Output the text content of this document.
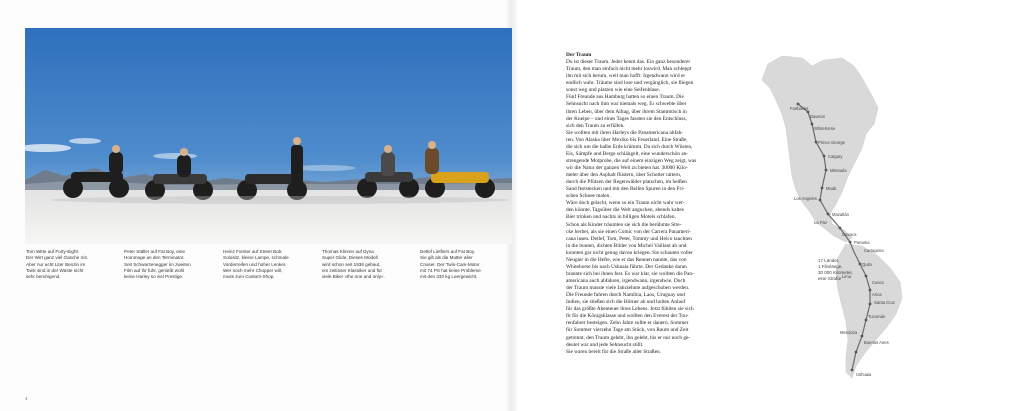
Tom Witte auf Forty-Eight:
Der Wirt ganz viel Gasche mit.
Aber nur acht Liter Benzin im
Tank sind in der Wüste nicht
sehr beruhigend.
Peter Ställer auf Fat Boy, eine
Hommage an den Terminator.
Seit Schwarzenegger im zweiten
Film auf ihr fuhr, genießt wohl
keine Harley so viel Prestige.
Heinz Forster auf Street Bob:
Solositz, kleine Lampe, schmale
Vorderreifen und hoher Lenker.
Wer noch mehr Chopper will,
muss zum Custom-Shop.
Thomas Klinner auf Dyna
Super Glide. Dieses Modell
wird schon seit 1936 gebaut,
ein zeitloser Klassiker und für
viele Biker »the one and only«.
Detlef Lietfiers auf Fat Boy.
Sie gilt als die Mutter aller
Cruiser. Der Twin-Cam-Motor
mit 74 PS hat keine Probleme
mit den 330 kg Leergewicht.
4
Der Traum
Du ist dieser Traum. Jeder kennt das. Ein ganz besonderer
Traum, den man einfach nicht mehr loswird. Man schleppt
ihn mit sich herum, weil man hofft: Irgendwann wird er
endlich wahr. Träume sind lose und vergänglich, sie fliegen
sonst weg und platzen wie eine Seifenblase.
Fünf Freunde aus Hamburg hatten so einen Traum. Die
Sehnsucht nach ihm war niemals weg. Er schwebte über
ihren Leben, über dem Alltag, über ihrem Stammtisch in
der Kneipe – und eines Tages fassten sie den Entschluss,
sich den Traum zu erfüllen.
Sie wollten mit ihren Harleys die Panamericana abfah-
ren. Von Alaska über Mexiko bis Feuerland. Eine Straße,
die sich um die halbe Erde krümmt. Da sich durch Wüsten,
Eis, Sümpfe und Berge schlängelt, eine wunderschön an-
strengende Motprobe, die auf einem einzigen Weg zeigt, was
wir die Natur der ganzen Welt zu bieten hat. 30000 Kilo-
meter über den Asphalt flüstern, über Schotter rattern,
durch die Pfützen der Regenwälder platschen, im heißen
Sand feststecken und mit den Reifen Spuren in den Fri-
schen Schnee malen.
Wäre doch gelacht, wenn so ein Traum nicht wahr wer-
den könnte. Tagsüber die Welt angucken, abends kaltes
Bier trinken und nachts in billigen Motels schlafen.
Schon als Kinder träumten sie sich die berühmte Stre-
cke herbei, als sie einen Comic von der Carrera Panamerí-
cana lasen. Detlef, Tom, Peter, Tommy und Heico tauchten
in die bunten, dichten Bilder von Michel Vaillant ab und
konnten gar nicht genug davon kriegen. Sie schauten voller
Neugier in die Hefte, wie er das Rennen nannte, das von
Whitehorse bis nach Ushuaia führte. Der Gedanke daran
brannte sich bei ihnen fest. Es war klar, sie wollten die Pan-
americana auch abfahren, irgendwann, irgendwie. Doch
der Traum musste viele Jahrzehnte aufgeschoben werden.
Die Freunde fuhren durch Namibia, Laos, Uruguay und
Indien, sie stießen sich die Hörner ab und holten Anlauf
für das größte Abenteuer ihres Lebens. Jetzt fühlten sie sich
fit für die Königsklasse und wollten den Everest der Tou-
renfahrer besteigen. Zehn Jahre sollte er dauern. Sommer
für Sommer vierzehn Tage am Stück, von Raum und Zeit
getrennt, den Traum gelebt, ihn gelebt, bis er nur noch ge-
deutet war und jede Sehnsucht stillt.
Sie waren bereit für die Straße aller Straßen.
Fairbanks
Dawson
Whitehorse
Prince George
Calgary
Missoula
Moab
Los Angeles
Mazatlán
La Paz
Oaxaca
Panama
Cartagena
Quito
Lima
Cusco
Arica
Santa Cruz
Tucumán
Mendoza
Buenos Aires
Ushuaia
17 Länder,
1 Filmlänge,
30 000 Kilometer,
eine Straße
